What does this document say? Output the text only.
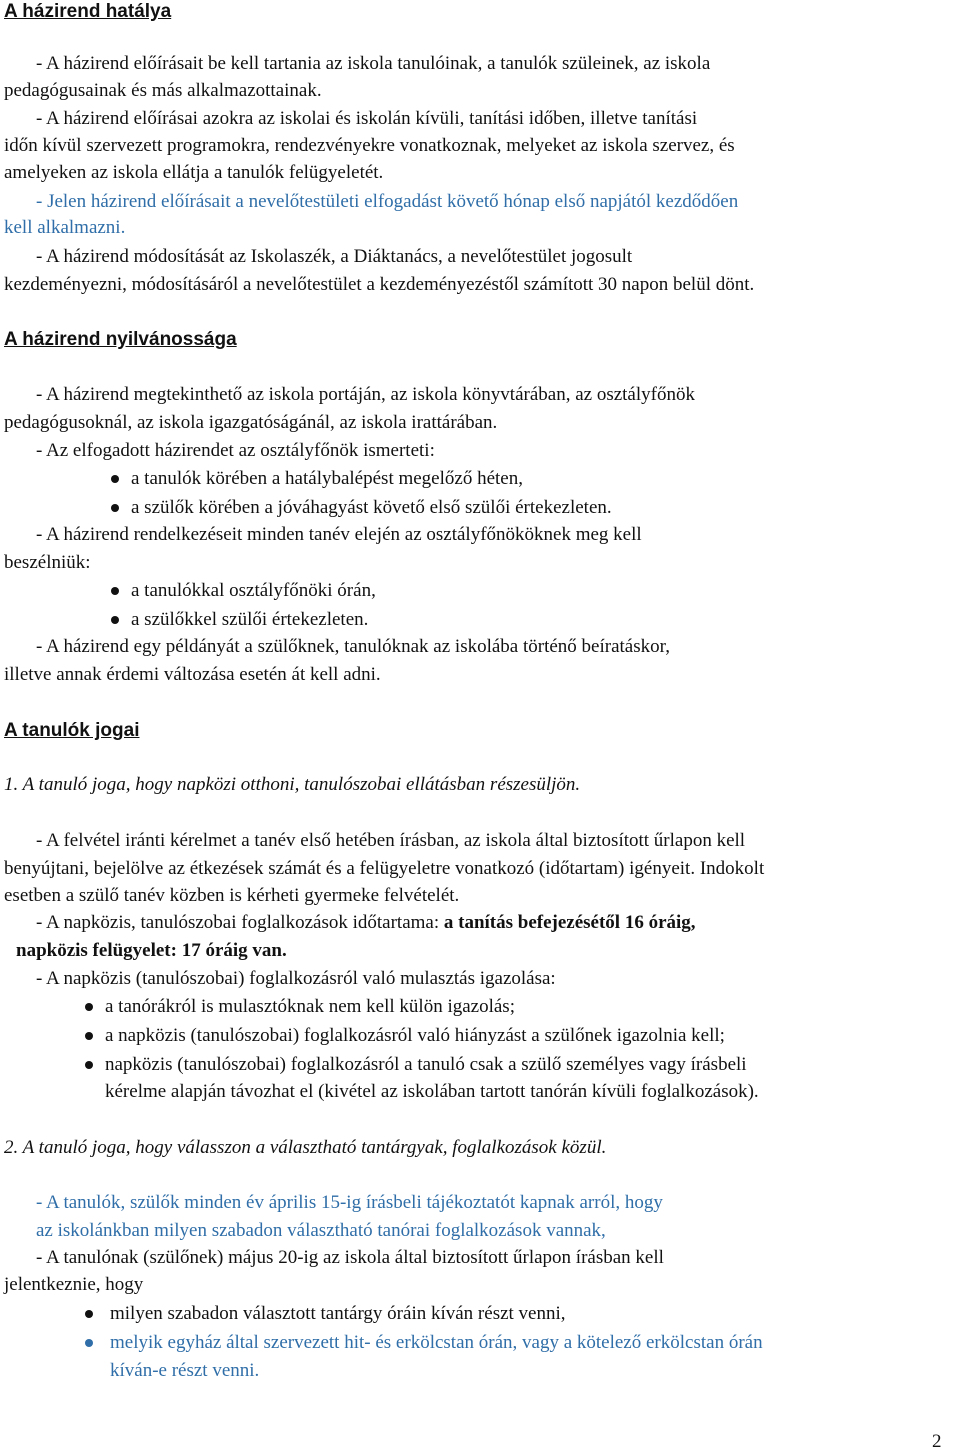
A házirend hatálya
- A házirend előírásait be kell tartania az iskola tanulóinak, a tanulók szüleinek, az iskola
pedagógusainak és más alkalmazottainak.
- A házirend előírásai azokra az iskolai és iskolán kívüli, tanítási időben, illetve tanítási
időn kívül szervezett programokra, rendezvényekre vonatkoznak, melyeket az iskola szervez, és
amelyeken az iskola ellátja a tanulók felügyeletét.
- Jelen házirend előírásait a nevelőtestületi elfogadást követő hónap első napjától kezdődően
kell alkalmazni.
- A házirend módosítását az Iskolaszék, a Diáktanács, a nevelőtestület jogosult
kezdeményezni, módosításáról a nevelőtestület a kezdeményezéstől számított 30 napon belül dönt.
A házirend nyilvánossága
- A házirend megtekinthető az iskola portáján, az iskola könyvtárában, az osztályfőnök
pedagógusoknál, az iskola igazgatóságánál, az iskola irattárában.
- Az elfogadott házirendet az osztályfőnök ismerteti:
a tanulók körében a hatálybalépést megelőző héten,
a szülők körében a jóváhagyást követő első szülői értekezleten.
- A házirend rendelkezéseit minden tanév elején az osztályfőnököknek meg kell
beszélniük:
a tanulókkal osztályfőnöki órán,
a szülőkkel szülői értekezleten.
- A házirend egy példányát a szülőknek, tanulóknak az iskolába történő beíratáskor,
illetve annak érdemi változása esetén át kell adni.
A tanulók jogai
1. A tanuló joga, hogy napközi otthoni, tanulószobai ellátásban részesüljön.
- A felvétel iránti kérelmet a tanév első hetében írásban, az iskola által biztosított űrlapon kell
benyújtani, bejelölve az étkezések számát és a felügyeletre vonatkozó (időtartam) igényeit. Indokolt
esetben a szülő tanév közben is kérheti gyermeke felvételét.
- A napközis, tanulószobai foglalkozások időtartama: a tanítás befejezésétől 16 óráig,
napközis felügyelet: 17 óráig van.
- A napközis (tanulószobai) foglalkozásról való mulasztás igazolása:
a tanórákról is mulasztóknak nem kell külön igazolás;
a napközis (tanulószobai) foglalkozásról való hiányzást a szülőnek igazolnia kell;
napközis (tanulószobai) foglalkozásról a tanuló csak a szülő személyes vagy írásbeli
kérelme alapján távozhat el (kivétel az iskolában tartott tanórán kívüli foglalkozások).
2. A tanuló joga, hogy válasszon a választható tantárgyak, foglalkozások közül.
- A tanulók, szülők minden év április 15-ig írásbeli tájékoztatót kapnak arról, hogy
az iskolánkban milyen szabadon választható tanórai foglalkozások vannak,
- A tanulónak (szülőnek) május 20-ig az iskola által biztosított űrlapon írásban kell
jelentkeznie, hogy
milyen szabadon választott tantárgy óráin kíván részt venni,
melyik egyház által szervezett hit- és erkölcstan órán, vagy a kötelező erkölcstan órán
kíván-e részt venni.
2
